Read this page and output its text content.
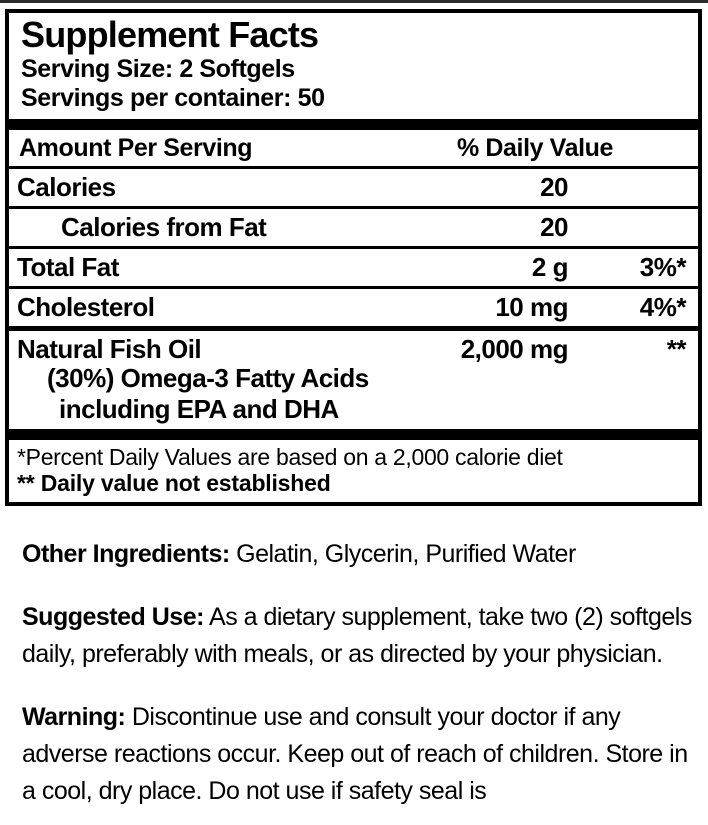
Supplement Facts
Serving Size: 2 Softgels
Servings per container: 50
Amount Per Serving	% Daily Value
Calories	20
Calories from Fat	20
Total Fat	2 g	3%*
Cholesterol	10 mg	4%*
Natural Fish Oil	2,000 mg	**
(30%) Omega-3 Fatty Acids
including EPA and DHA
*Percent Daily Values are based on a 2,000 calorie diet
** Daily value not established

Other Ingredients: Gelatin, Glycerin, Purified Water

Suggested Use: As a dietary supplement, take two (2) softgels daily, preferably with meals, or as directed by your physician.

Warning: Discontinue use and consult your doctor if any adverse reactions occur. Keep out of reach of children. Store in a cool, dry place. Do not use if safety seal is
